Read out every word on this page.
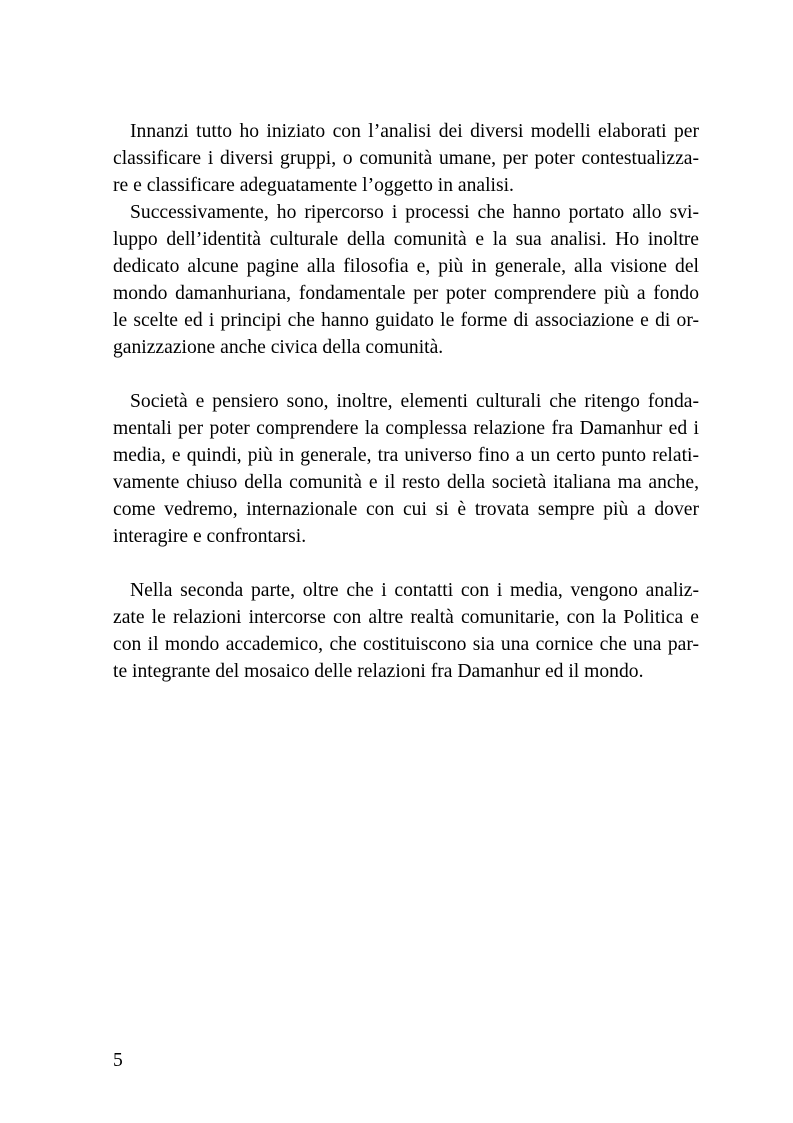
Innanzi tutto ho iniziato con l’analisi dei diversi modelli elaborati per
classificare i diversi gruppi, o comunità umane, per poter contestualizza-
re e classificare adeguatamente l’oggetto in analisi.
Successivamente, ho ripercorso i processi che hanno portato allo svi-
luppo dell’identità culturale della comunità e la sua analisi. Ho inoltre
dedicato alcune pagine alla filosofia e, più in generale, alla visione del
mondo damanhuriana, fondamentale per poter comprendere più a fondo
le scelte ed i principi che hanno guidato le forme di associazione e di or-
ganizzazione anche civica della comunità.
Società e pensiero sono, inoltre, elementi culturali che ritengo fonda-
mentali per poter comprendere la complessa relazione fra Damanhur ed i
media, e quindi, più in generale, tra universo fino a un certo punto relati-
vamente chiuso della comunità e il resto della società italiana ma anche,
come vedremo, internazionale con cui si è trovata sempre più a dover
interagire e confrontarsi.
Nella seconda parte, oltre che i contatti con i media, vengono analiz-
zate le relazioni intercorse con altre realtà comunitarie, con la Politica e
con il mondo accademico, che costituiscono sia una cornice che una par-
te integrante del mosaico delle relazioni fra Damanhur ed il mondo.
5
